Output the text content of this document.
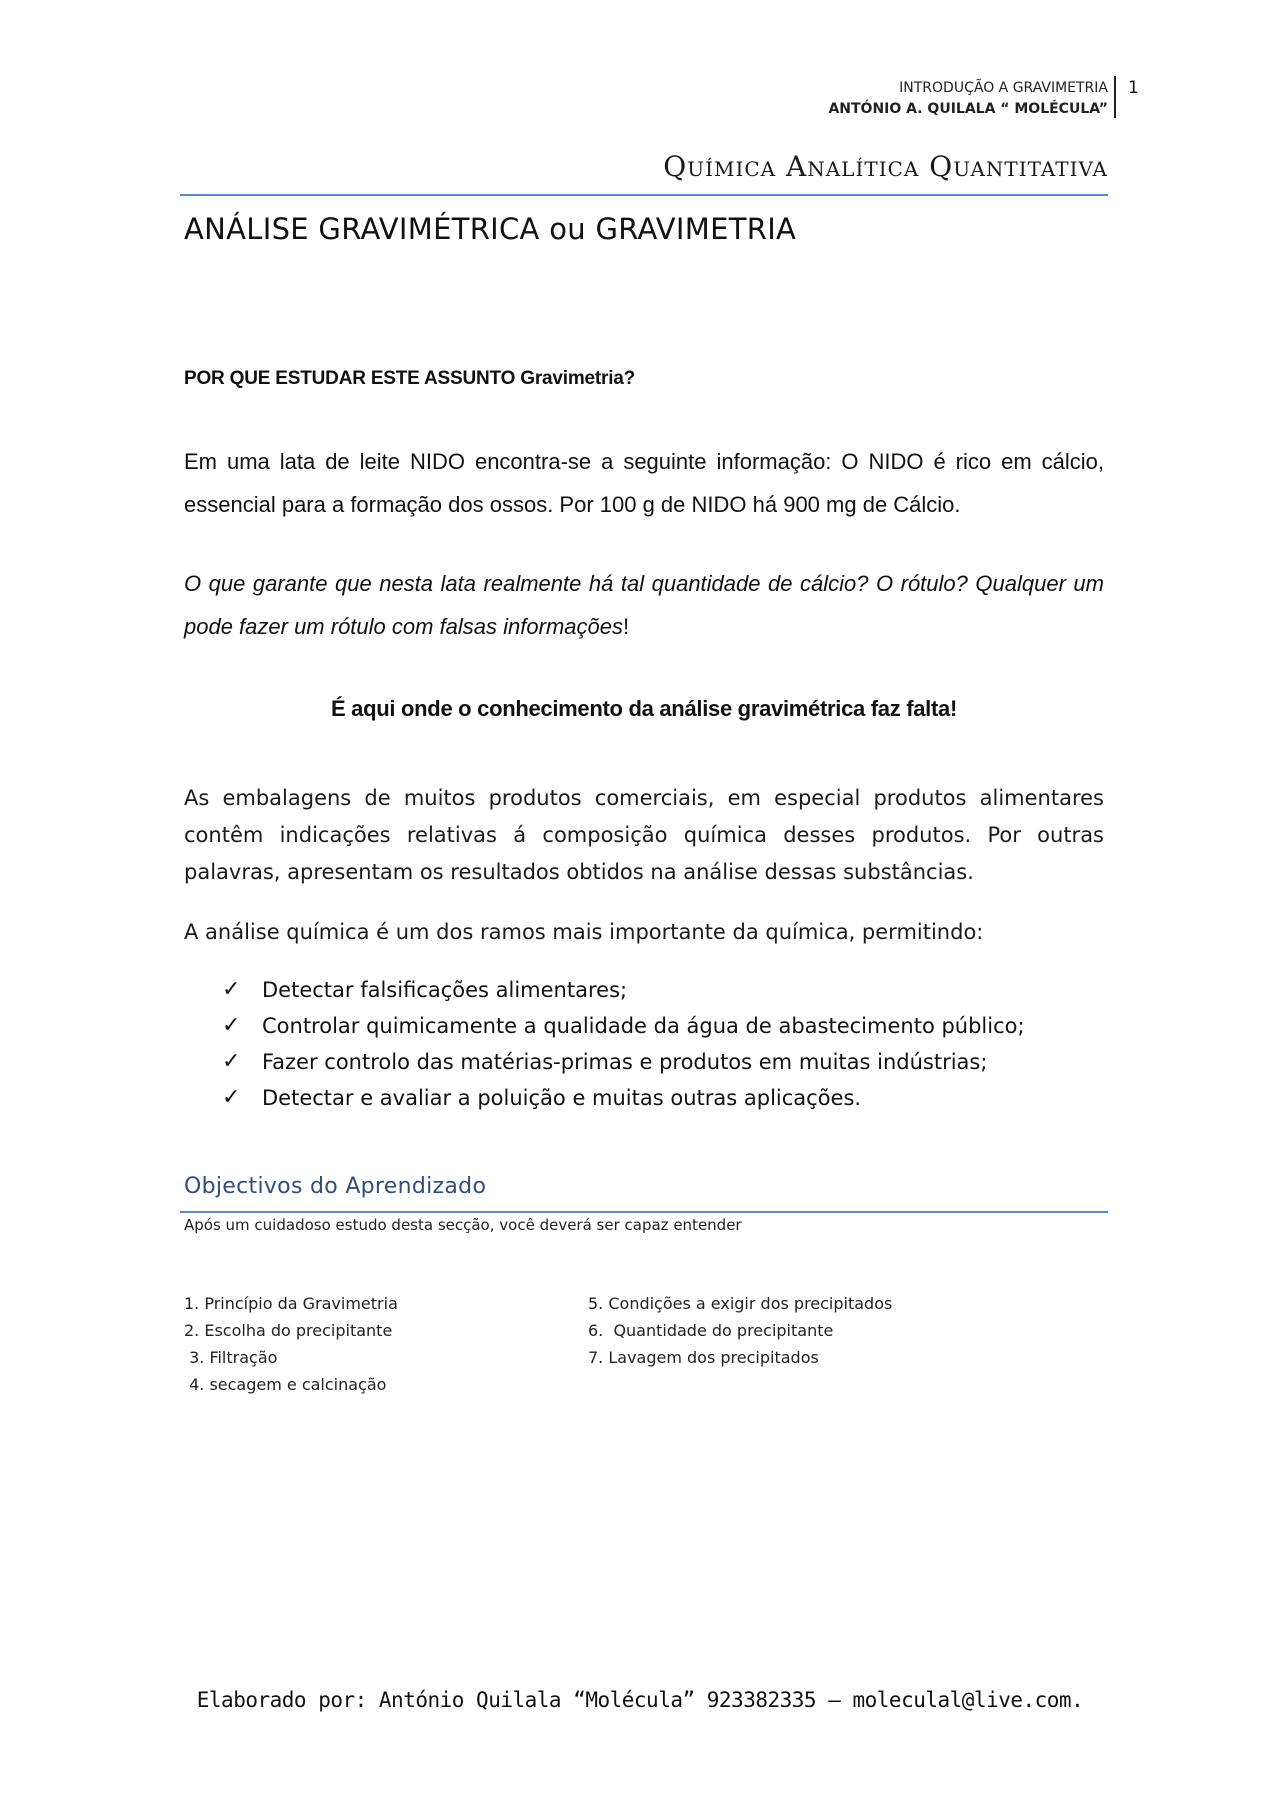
INTRODUÇÃO A GRAVIMETRIA
ANTÓNIO A. QUILALA “ MOLÉCULA”
1
Química Analítica Quantitativa
ANÁLISE GRAVIMÉTRICA ou GRAVIMETRIA
POR QUE ESTUDAR ESTE ASSUNTO Gravimetria?
Em uma lata de leite NIDO encontra-se a seguinte informação: O NIDO é rico em cálcio, essencial para a formação dos ossos. Por 100 g de NIDO há 900 mg de Cálcio.
O que garante que nesta lata realmente há tal quantidade de cálcio? O rótulo? Qualquer um pode fazer um rótulo com falsas informações!
É aqui onde o conhecimento da análise gravimétrica faz falta!
As embalagens de muitos produtos comerciais, em especial produtos alimentares contêm indicações relativas á composição química desses produtos. Por outras palavras, apresentam os resultados obtidos na análise dessas substâncias.
A análise química é um dos ramos mais importante da química, permitindo:
✓	Detectar falsificações alimentares;
✓	Controlar quimicamente a qualidade da água de abastecimento público;
✓	Fazer controlo das matérias-primas e produtos em muitas indústrias;
✓	Detectar e avaliar a poluição e muitas outras aplicações.
Objectivos do Aprendizado
Após um cuidadoso estudo desta secção, você deverá ser capaz entender
1. Princípio da Gravimetria
2. Escolha do precipitante
3. Filtração
4. secagem e calcinação
5. Condições a exigir dos precipitados
6.  Quantidade do precipitante
7. Lavagem dos precipitados
Elaborado por: António Quilala “Molécula” 923382335 – moleculal@live.com.
